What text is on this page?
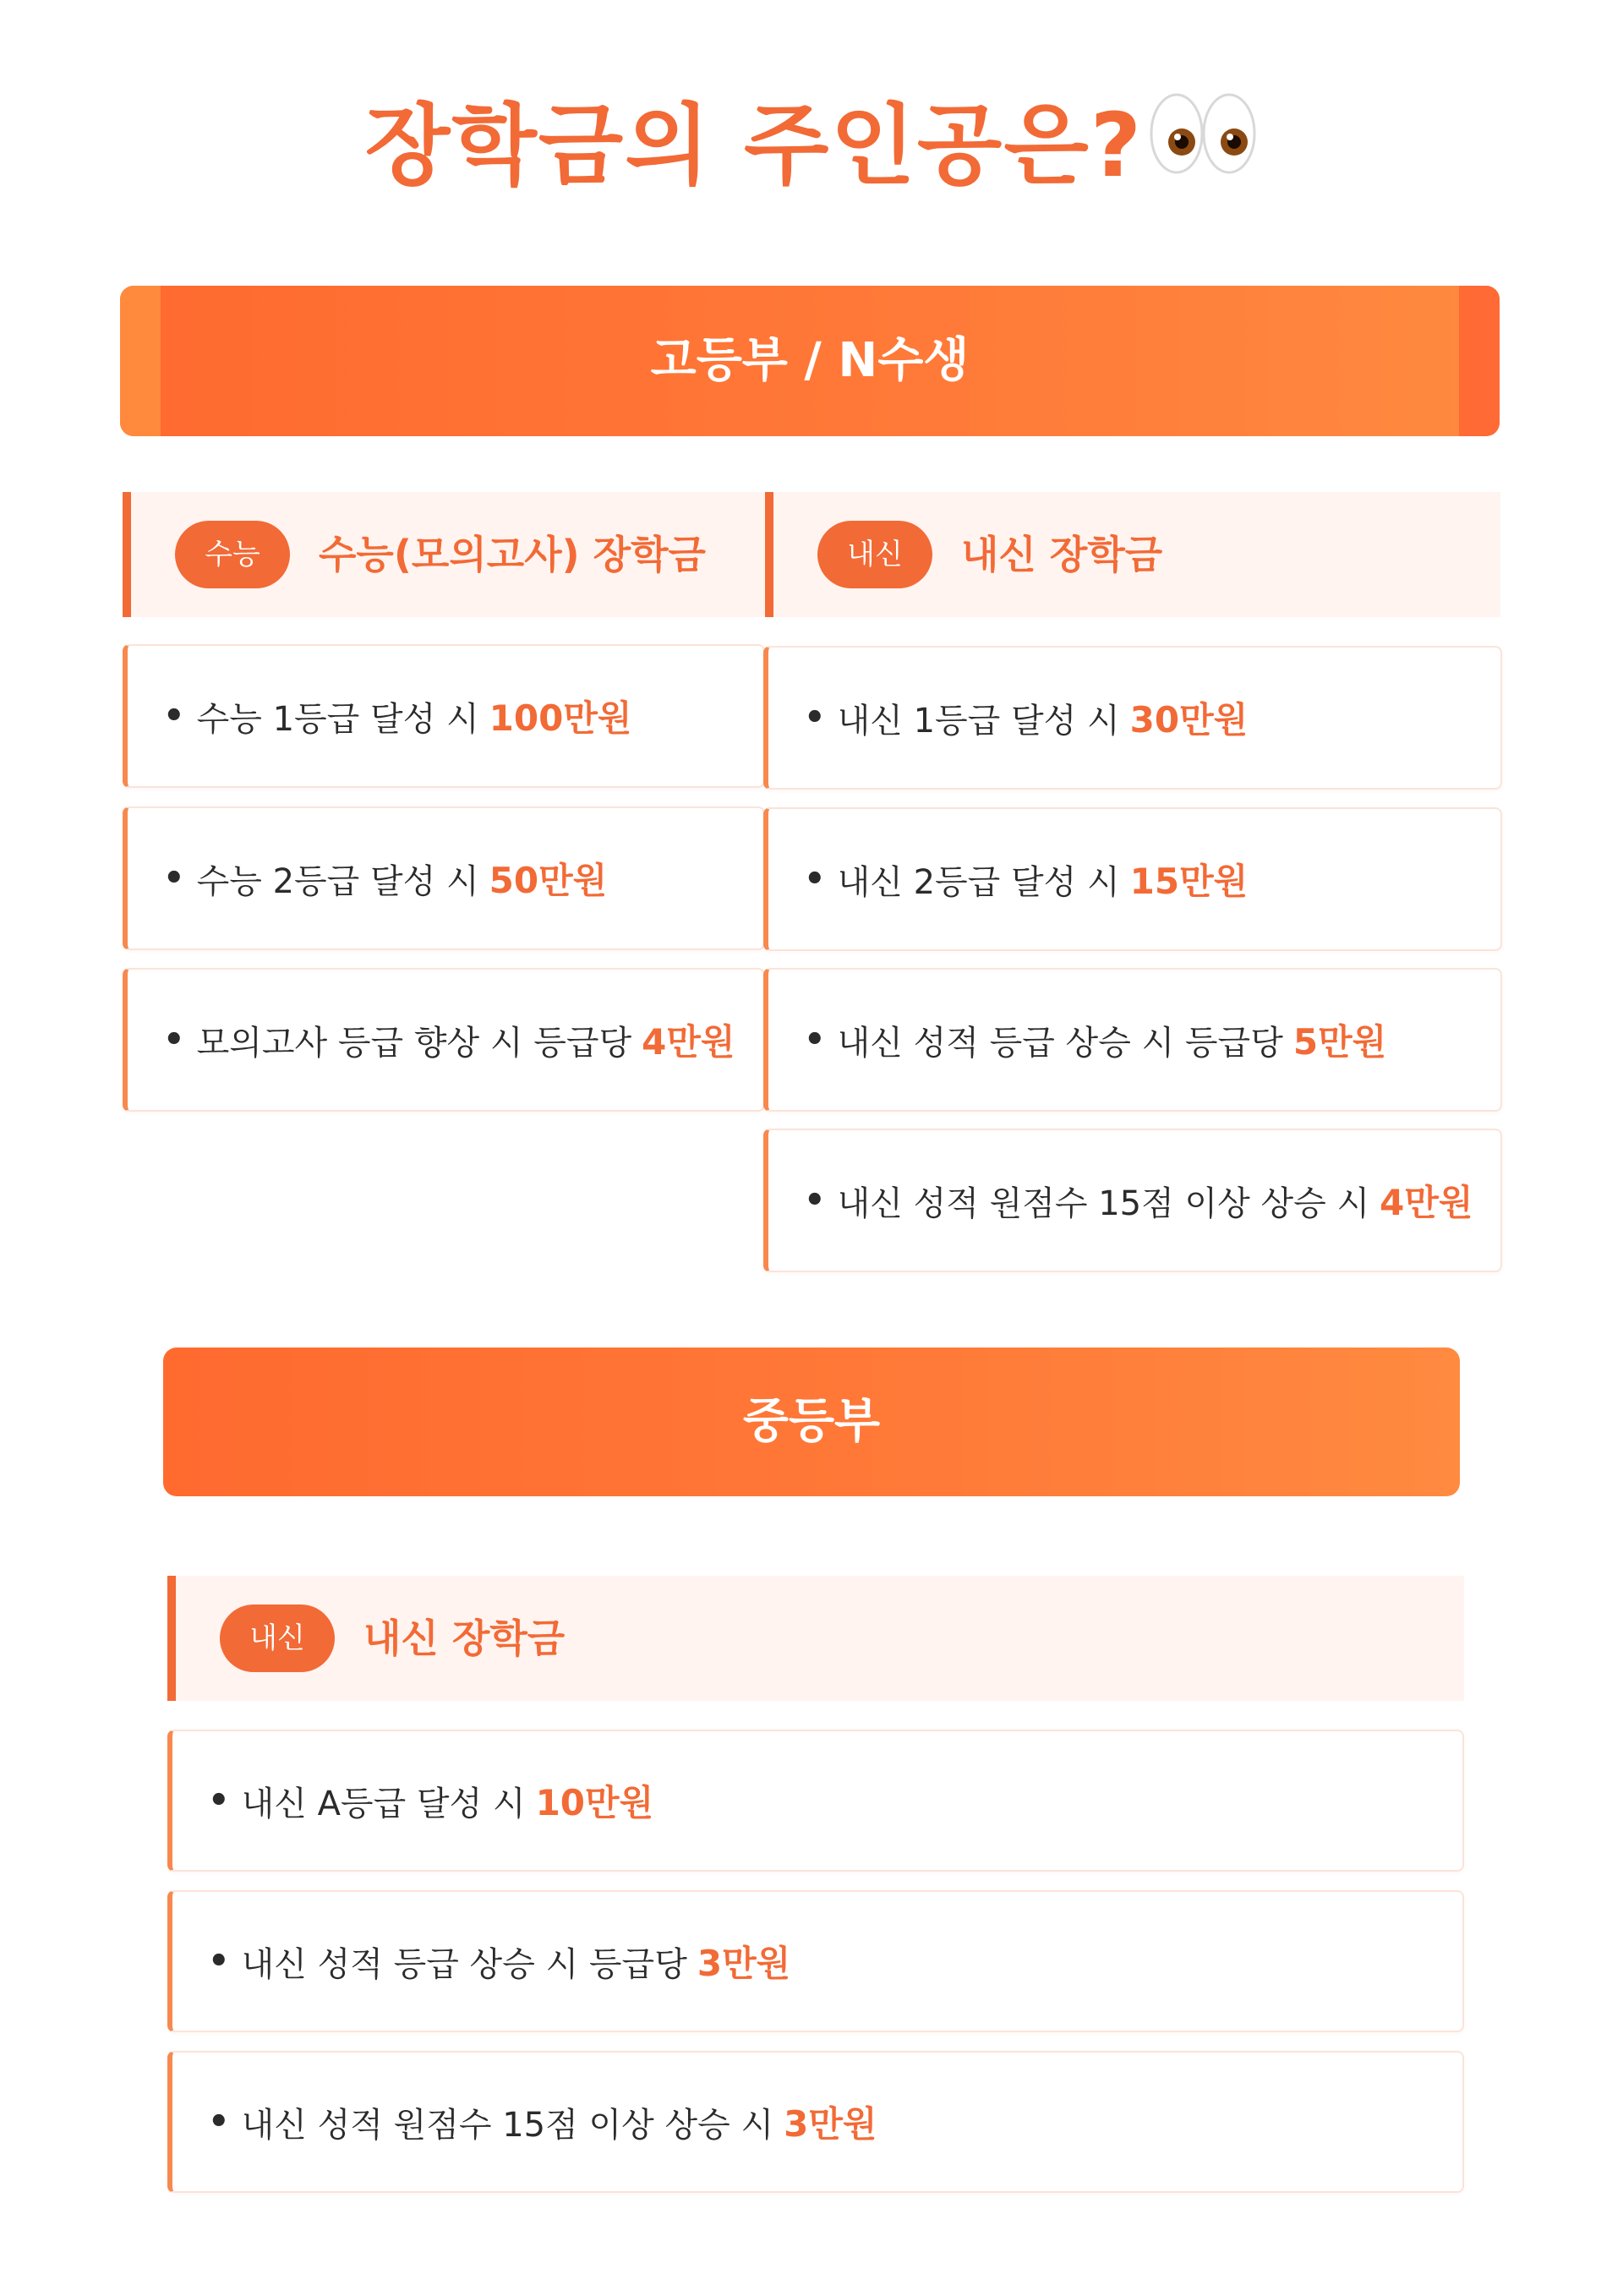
장학금의 주인공은?
고등부 / N수생
수능	수능(모의고사) 장학금	내신	내신 장학금
• 수능 1등급 달성 시 100만원
• 수능 2등급 달성 시 50만원
• 모의고사 등급 향상 시 등급당 4만원
• 내신 1등급 달성 시 30만원
• 내신 2등급 달성 시 15만원
• 내신 성적 등급 상승 시 등급당 5만원
• 내신 성적 원점수 15점 이상 상승 시 4만원
중등부
내신	내신 장학금
• 내신 A등급 달성 시 10만원
• 내신 성적 등급 상승 시 등급당 3만원
• 내신 성적 원점수 15점 이상 상승 시 3만원
